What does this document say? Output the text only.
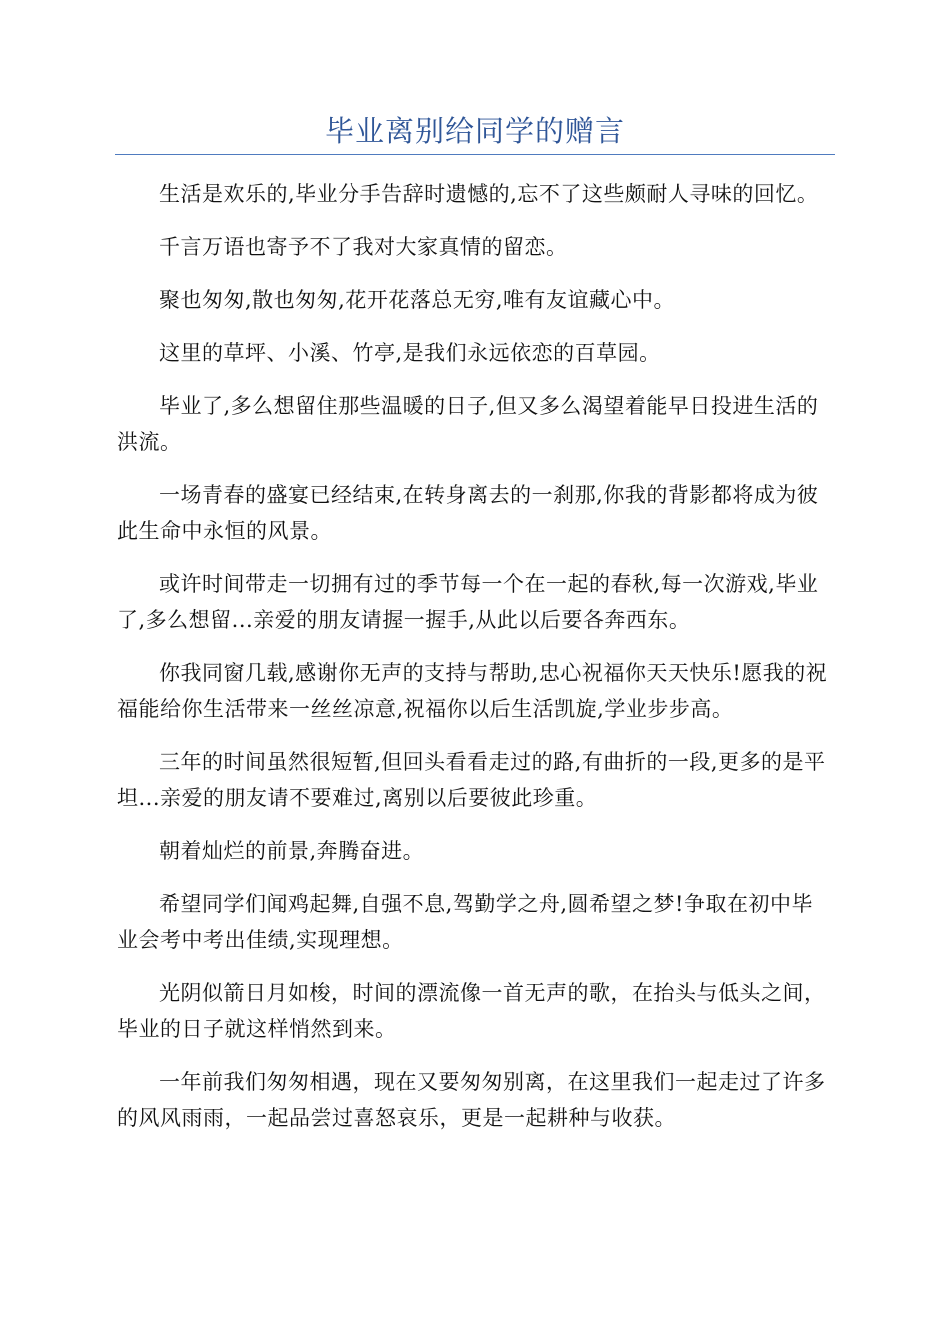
毕业离别给同学的赠言

生活是欢乐的,毕业分手告辞时遗憾的,忘不了这些颇耐人寻味的回忆。

千言万语也寄予不了我对大家真情的留恋。

聚也匆匆,散也匆匆,花开花落总无穷,唯有友谊藏心中。

这里的草坪、小溪、竹亭,是我们永远依恋的百草园。

毕业了,多么想留住那些温暖的日子,但又多么渴望着能早日投进生活的洪流。

一场青春的盛宴已经结束,在转身离去的一刹那,你我的背影都将成为彼此生命中永恒的风景。

或许时间带走一切拥有过的季节每一个在一起的春秋,每一次游戏,毕业了,多么想留...亲爱的朋友请握一握手,从此以后要各奔西东。

你我同窗几载,感谢你无声的支持与帮助,忠心祝福你天天快乐!愿我的祝福能给你生活带来一丝丝凉意,祝福你以后生活凯旋,学业步步高。

三年的时间虽然很短暂,但回头看看走过的路,有曲折的一段,更多的是平坦...亲爱的朋友请不要难过,离别以后要彼此珍重。

朝着灿烂的前景,奔腾奋进。

希望同学们闻鸡起舞,自强不息,驾勤学之舟,圆希望之梦!争取在初中毕业会考中考出佳绩,实现理想。

光阴似箭日月如梭，时间的漂流像一首无声的歌，在抬头与低头之间，毕业的日子就这样悄然到来。

一年前我们匆匆相遇，现在又要匆匆别离，在这里我们一起走过了许多的风风雨雨，一起品尝过喜怒哀乐，更是一起耕种与收获。
